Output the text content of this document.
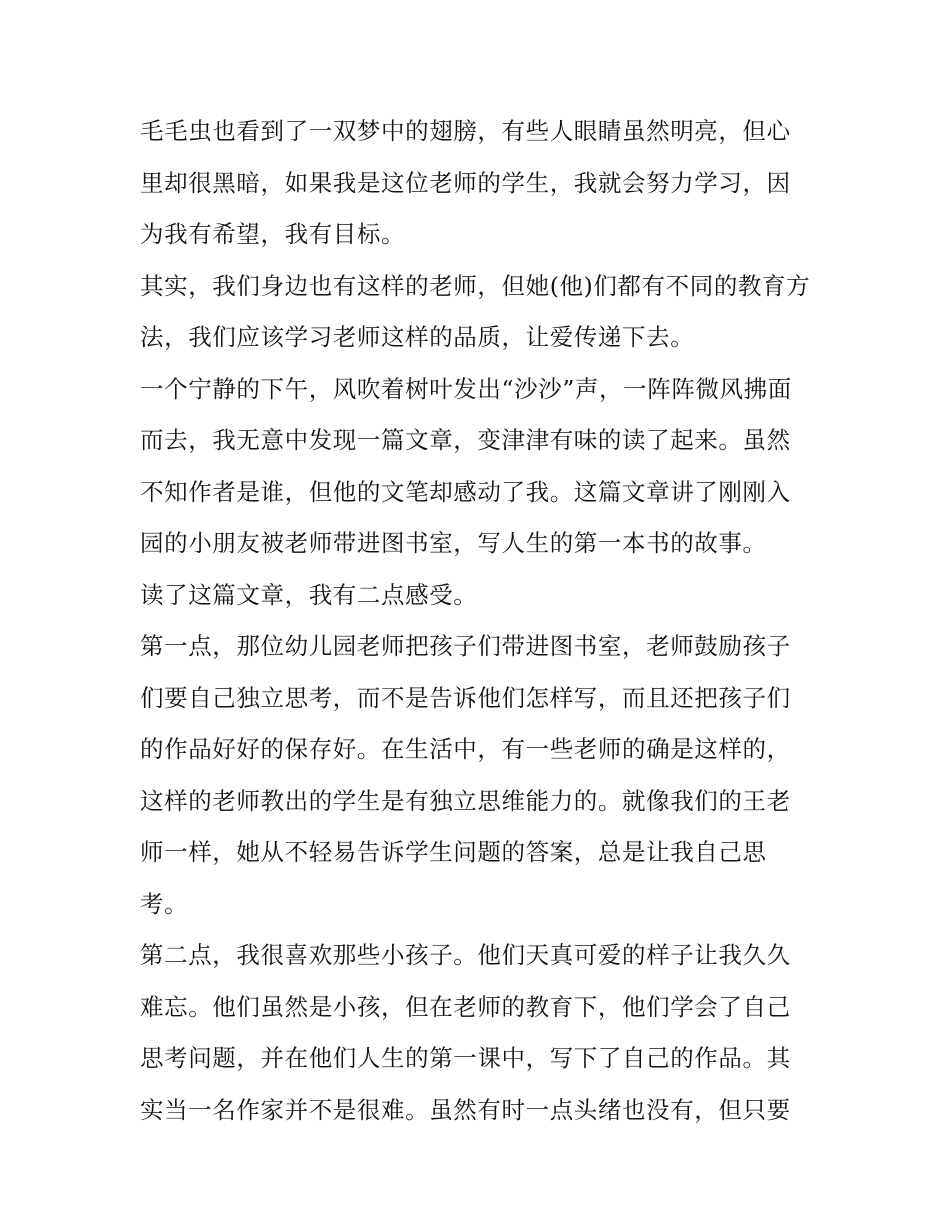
毛毛虫也看到了一双梦中的翅膀，有些人眼睛虽然明亮，但心里却很黑暗，如果我是这位老师的学生，我就会努力学习，因为我有希望，我有目标。

其实，我们身边也有这样的老师，但她(他)们都有不同的教育方法，我们应该学习老师这样的品质，让爱传递下去。

一个宁静的下午，风吹着树叶发出“沙沙”声，一阵阵微风拂面而去，我无意中发现一篇文章，变津津有味的读了起来。虽然不知作者是谁，但他的文笔却感动了我。这篇文章讲了刚刚入园的小朋友被老师带进图书室，写人生的第一本书的故事。

读了这篇文章，我有二点感受。

第一点，那位幼儿园老师把孩子们带进图书室，老师鼓励孩子们要自己独立思考，而不是告诉他们怎样写，而且还把孩子们的作品好好的保存好。在生活中，有一些老师的确是这样的，这样的老师教出的学生是有独立思维能力的。就像我们的王老师一样，她从不轻易告诉学生问题的答案，总是让我自己思考。

第二点，我很喜欢那些小孩子。他们天真可爱的样子让我久久难忘。他们虽然是小孩，但在老师的教育下，他们学会了自己思考问题，并在他们人生的第一课中，写下了自己的作品。其实当一名作家并不是很难。虽然有时一点头绪也没有，但只要
